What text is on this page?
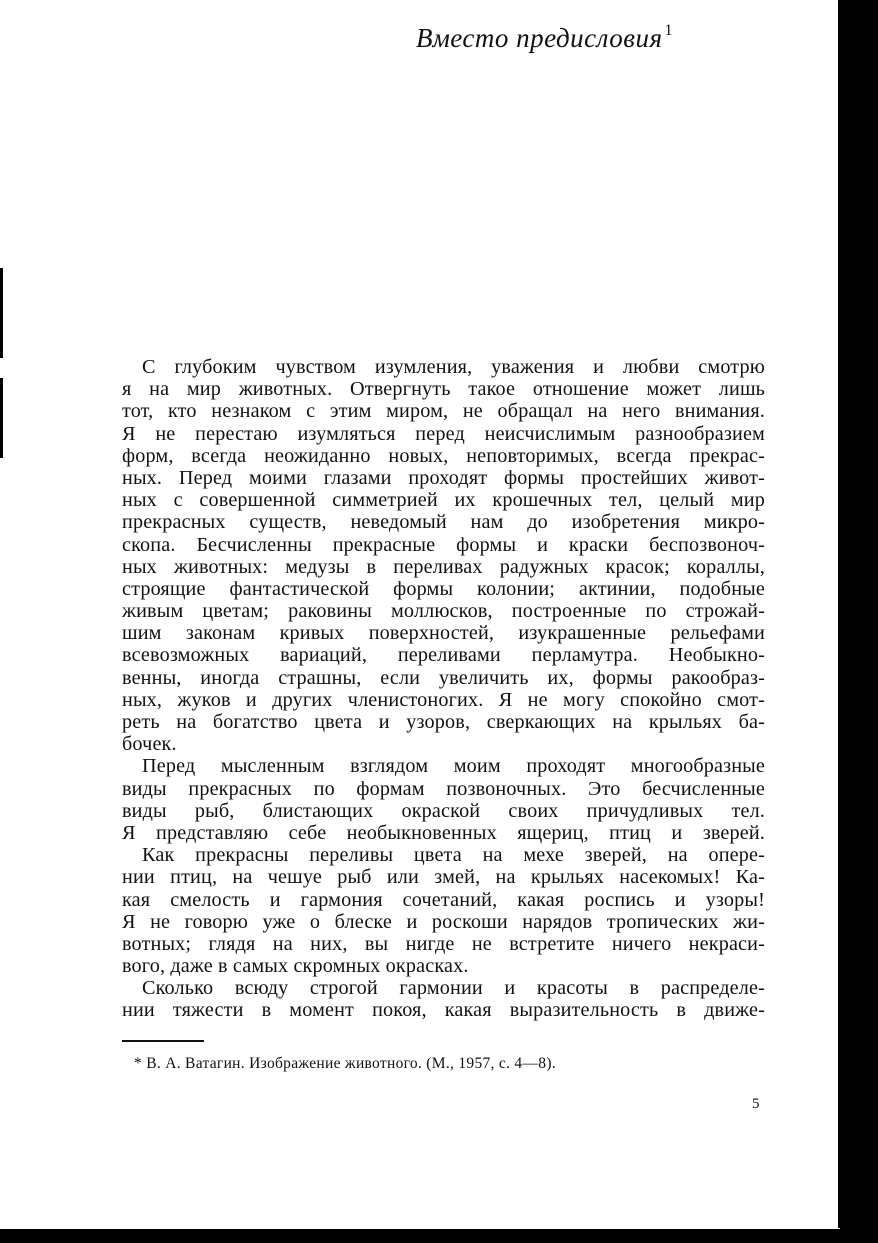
Вместо предисловия $^1$
С глубоким чувством изумления, уважения и любви смотрю
я на мир животных. Отвергнуть такое отношение может лишь
тот, кто незнаком с этим миром, не обращал на него внимания.
Я не перестаю изумляться перед неисчислимым разнообразием
форм, всегда неожиданно новых, неповторимых, всегда прекрас-
ных. Перед моими глазами проходят формы простейших живот-
ных с совершенной симметрией их крошечных тел, целый мир
прекрасных существ, неведомый нам до изобретения микро-
скопа. Бесчисленны прекрасные формы и краски беспозвоноч-
ных животных: медузы в переливах радужных красок; кораллы,
строящие фантастической формы колонии; актинии, подобные
живым цветам; раковины моллюсков, построенные по строжай-
шим законам кривых поверхностей, изукрашенные рельефами
всевозможных вариаций, переливами перламутра. Необыкно-
венны, иногда страшны, если увеличить их, формы ракообраз-
ных, жуков и других членистоногих. Я не могу спокойно смот-
реть на богатство цвета и узоров, сверкающих на крыльях ба-
бочек.
Перед мысленным взглядом моим проходят многообразные
виды прекрасных по формам позвоночных. Это бесчисленные
виды рыб, блистающих окраской своих причудливых тел.
Я представляю себе необыкновенных ящериц, птиц и зверей.
Как прекрасны переливы цвета на мехе зверей, на опере-
нии птиц, на чешуе рыб или змей, на крыльях насекомых! Ка-
кая смелость и гармония сочетаний, какая роспись и узоры!
Я не говорю уже о блеске и роскоши нарядов тропических жи-
вотных; глядя на них, вы нигде не встретите ничего некраси-
вого, даже в самых скромных окрасках.
Сколько всюду строгой гармонии и красоты в распределе-
нии тяжести в момент покоя, какая выразительность в движе-
* В. А. Ватагин. Изображение животного. (М., 1957, с. 4—8).
5
